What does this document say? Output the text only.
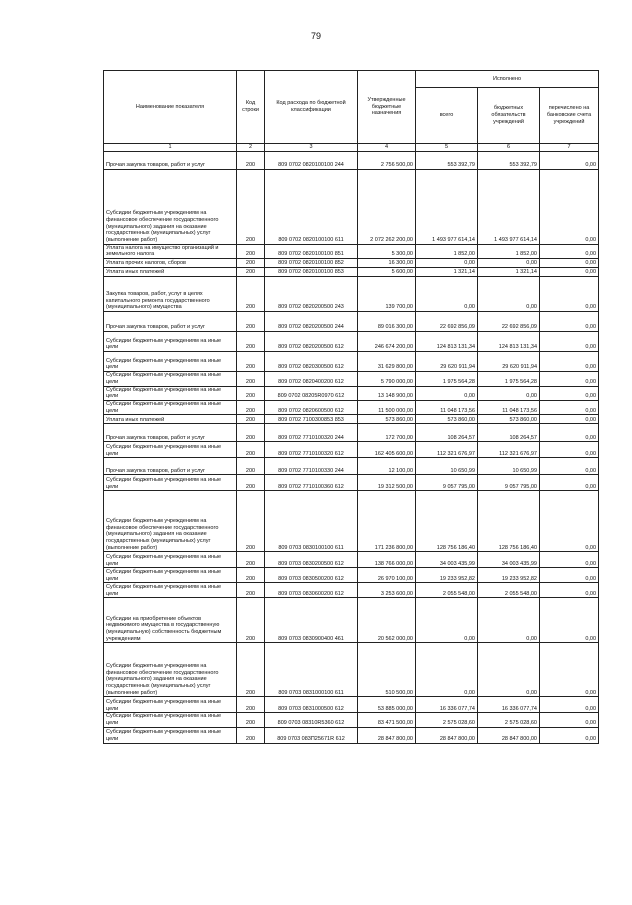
79
Наименование показателя	Код строки	Код расхода по бюджетной классификации	Утвержденные бюджетные назначения	Исполнено		
				всего	бюджетных обязательств учреждений	перечислено на банковские счета учреждений
1	2	3	4	5	6	7
Прочая закупка товаров, работ и услуг	200	809 0702 0820100100 244	2 756 500,00	553 392,79	553 392,79	0,00
Субсидии бюджетным учреждениям на финансовое обеспечение государственного (муниципального) задания на оказание государственных (муниципальных) услуг (выполнение работ)	200	809 0702 0820100100 611	2 072 262 200,00	1 493 977 614,14	1 493 977 614,14	0,00
Уплата налога на имущество организаций и земельного налога	200	809 0702 0820100100 851	5 300,00	1 852,00	1 852,00	0,00
Уплата прочих налогов, сборов	200	809 0702 0820100100 852	16 300,00	0,00	0,00	0,00
Уплата иных платежей	200	809 0702 0820100100 853	5 600,00	1 321,14	1 321,14	0,00
Закупка товаров, работ, услуг в целях капитального ремонта государственного (муниципального) имущества	200	809 0702 0820200500 243	139 700,00	0,00	0,00	0,00
Прочая закупка товаров, работ и услуг	200	809 0702 0820200500 244	89 016 300,00	22 692 856,09	22 692 856,09	0,00
Субсидии бюджетным учреждениям на иные цели	200	809 0702 0820200500 612	246 674 200,00	124 813 131,34	124 813 131,34	0,00
Субсидии бюджетным учреждениям на иные цели	200	809 0702 0820300500 612	31 629 800,00	29 620 911,94	29 620 911,94	0,00
Субсидии бюджетным учреждениям на иные цели	200	809 0702 0820400200 612	5 790 000,00	1 975 564,28	1 975 564,28	0,00
Субсидии бюджетным учреждениям на иные цели	200	809 0702 08205R0970 612	13 148 900,00	0,00	0,00	0,00
Субсидии бюджетным учреждениям на иные цели	200	809 0702 0820600500 612	11 500 000,00	11 048 173,56	11 048 173,56	0,00
Уплата иных платежей	200	809 0702 7100300853 853	573 860,00	573 860,00	573 860,00	0,00
Прочая закупка товаров, работ и услуг	200	809 0702 7710100320 244	172 700,00	108 264,57	108 264,57	0,00
Субсидии бюджетным учреждениям на иные цели	200	809 0702 7710100320 612	162 405 600,00	112 321 676,97	112 321 676,97	0,00
Прочая закупка товаров, работ и услуг	200	809 0702 7710100330 244	12 100,00	10 650,99	10 650,99	0,00
Субсидии бюджетным учреждениям на иные цели	200	809 0702 7710100360 612	19 312 500,00	9 057 795,00	9 057 795,00	0,00
Субсидии бюджетным учреждениям на финансовое обеспечение государственного (муниципального) задания на оказание государственных (муниципальных) услуг (выполнение работ)	200	809 0703 0830100100 611	171 236 800,00	128 756 186,40	128 756 186,40	0,00
Субсидии бюджетным учреждениям на иные цели	200	809 0703 0830200500 612	138 766 000,00	34 003 435,99	34 003 435,99	0,00
Субсидии бюджетным учреждениям на иные цели	200	809 0703 0830500200 612	26 970 100,00	19 233 952,82	19 233 952,82	0,00
Субсидии бюджетным учреждениям на иные цели	200	809 0703 0830600200 612	3 253 600,00	2 055 548,00	2 055 548,00	0,00
Субсидии на приобретение объектов недвижимого имущества в государственную (муниципальную) собственность бюджетным учреждениям	200	809 0703 0830900400 461	20 562 000,00	0,00	0,00	0,00
Субсидии бюджетным учреждениям на финансовое обеспечение государственного (муниципального) задания на оказание государственных (муниципальных) услуг (выполнение работ)	200	809 0703 0831000100 611	510 500,00	0,00	0,00	0,00
Субсидии бюджетным учреждениям на иные цели	200	809 0703 0831000500 612	53 885 000,00	16 336 077,74	16 336 077,74	0,00
Субсидии бюджетным учреждениям на иные цели	200	809 0703 08310R5360 612	83 471 500,00	2 575 028,60	2 575 028,60	0,00
Субсидии бюджетным учреждениям на иные цели	200	809 0703 083П25671R 612	28 847 800,00	28 847 800,00	28 847 800,00	0,00
